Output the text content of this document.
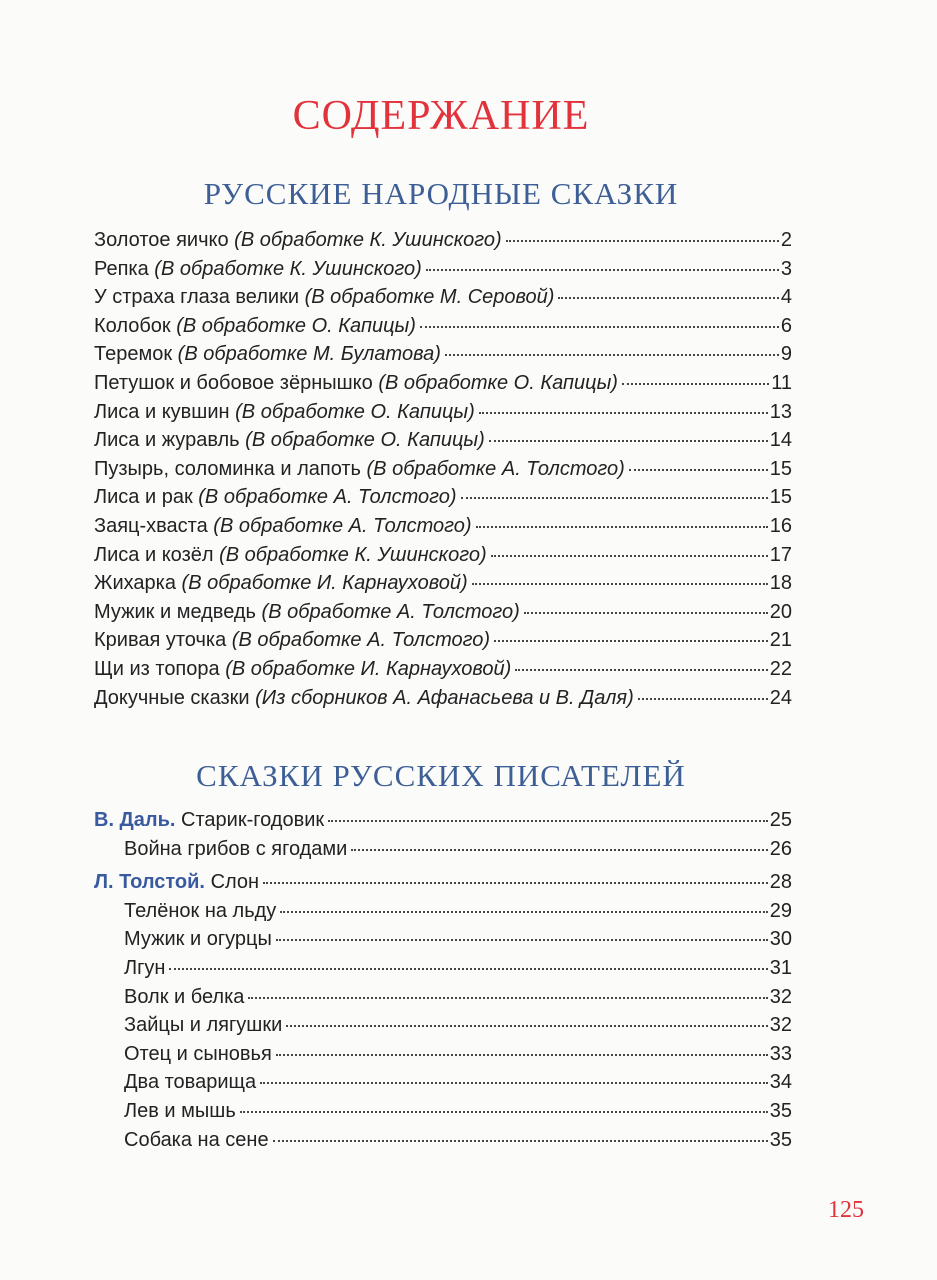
СОДЕРЖАНИЕ
РУССКИЕ НАРОДНЫЕ СКАЗКИ
Золотое яичко (В обработке К. Ушинского)	2
Репка (В обработке К. Ушинского)	3
У страха глаза велики (В обработке М. Серовой)	4
Колобок (В обработке О. Капицы)	6
Теремок (В обработке М. Булатова)	9
Петушок и бобовое зёрнышко (В обработке О. Капицы)	11
Лиса и кувшин (В обработке О. Капицы)	13
Лиса и журавль (В обработке О. Капицы)	14
Пузырь, соломинка и лапоть (В обработке А. Толстого)	15
Лиса и рак (В обработке А. Толстого)	15
Заяц-хваста (В обработке А. Толстого)	16
Лиса и козёл (В обработке К. Ушинского)	17
Жихарка (В обработке И. Карнауховой)	18
Мужик и медведь (В обработке А. Толстого)	20
Кривая уточка (В обработке А. Толстого)	21
Щи из топора (В обработке И. Карнауховой)	22
Докучные сказки (Из сборников А. Афанасьева и В. Даля)	24
СКАЗКИ РУССКИХ ПИСАТЕЛЕЙ
В. Даль. Старик-годовик	25
Война грибов с ягодами	26
Л. Толстой. Слон	28
Телёнок на льду	29
Мужик и огурцы	30
Лгун	31
Волк и белка	32
Зайцы и лягушки	32
Отец и сыновья	33
Два товарища	34
Лев и мышь	35
Собака на сене	35
125
